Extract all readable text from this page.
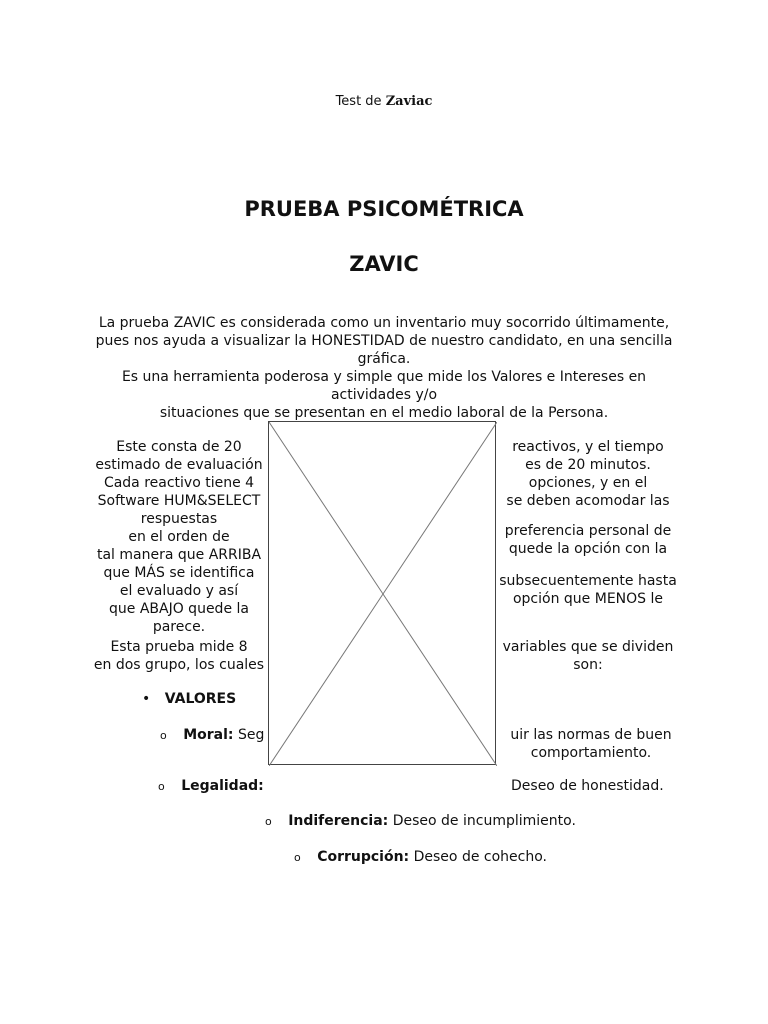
Test de Zaviac
PRUEBA PSICOMÉTRICA
ZAVIC
La prueba ZAVIC es considerada como un inventario muy socorrido últimamente,
pues nos ayuda a visualizar la HONESTIDAD de nuestro candidato, en una sencilla
gráfica.
Es una herramienta poderosa y simple que mide los Valores e Intereses en
actividades y/o
situaciones que se presentan en el medio laboral de la Persona.
Este consta de 20
estimado de evaluación
Cada reactivo tiene 4
Software HUM&SELECT
respuestas
en el orden de
tal manera que ARRIBA
que MÁS se identifica
el evaluado y así
que ABAJO quede la
parece.
reactivos, y el tiempo
es de 20 minutos.
opciones, y en el
se deben acomodar las
preferencia personal de
quede la opción con la
subsecuentemente hasta
opción que MENOS le
Esta prueba mide 8
en dos grupo, los cuales
variables que se dividen
son:
• VALORES
o Moral: Seg	uir las normas de buen
comportamiento.
o Legalidad:	Deseo de honestidad.
o Indiferencia: Deseo de incumplimiento.
o Corrupción: Deseo de cohecho.
